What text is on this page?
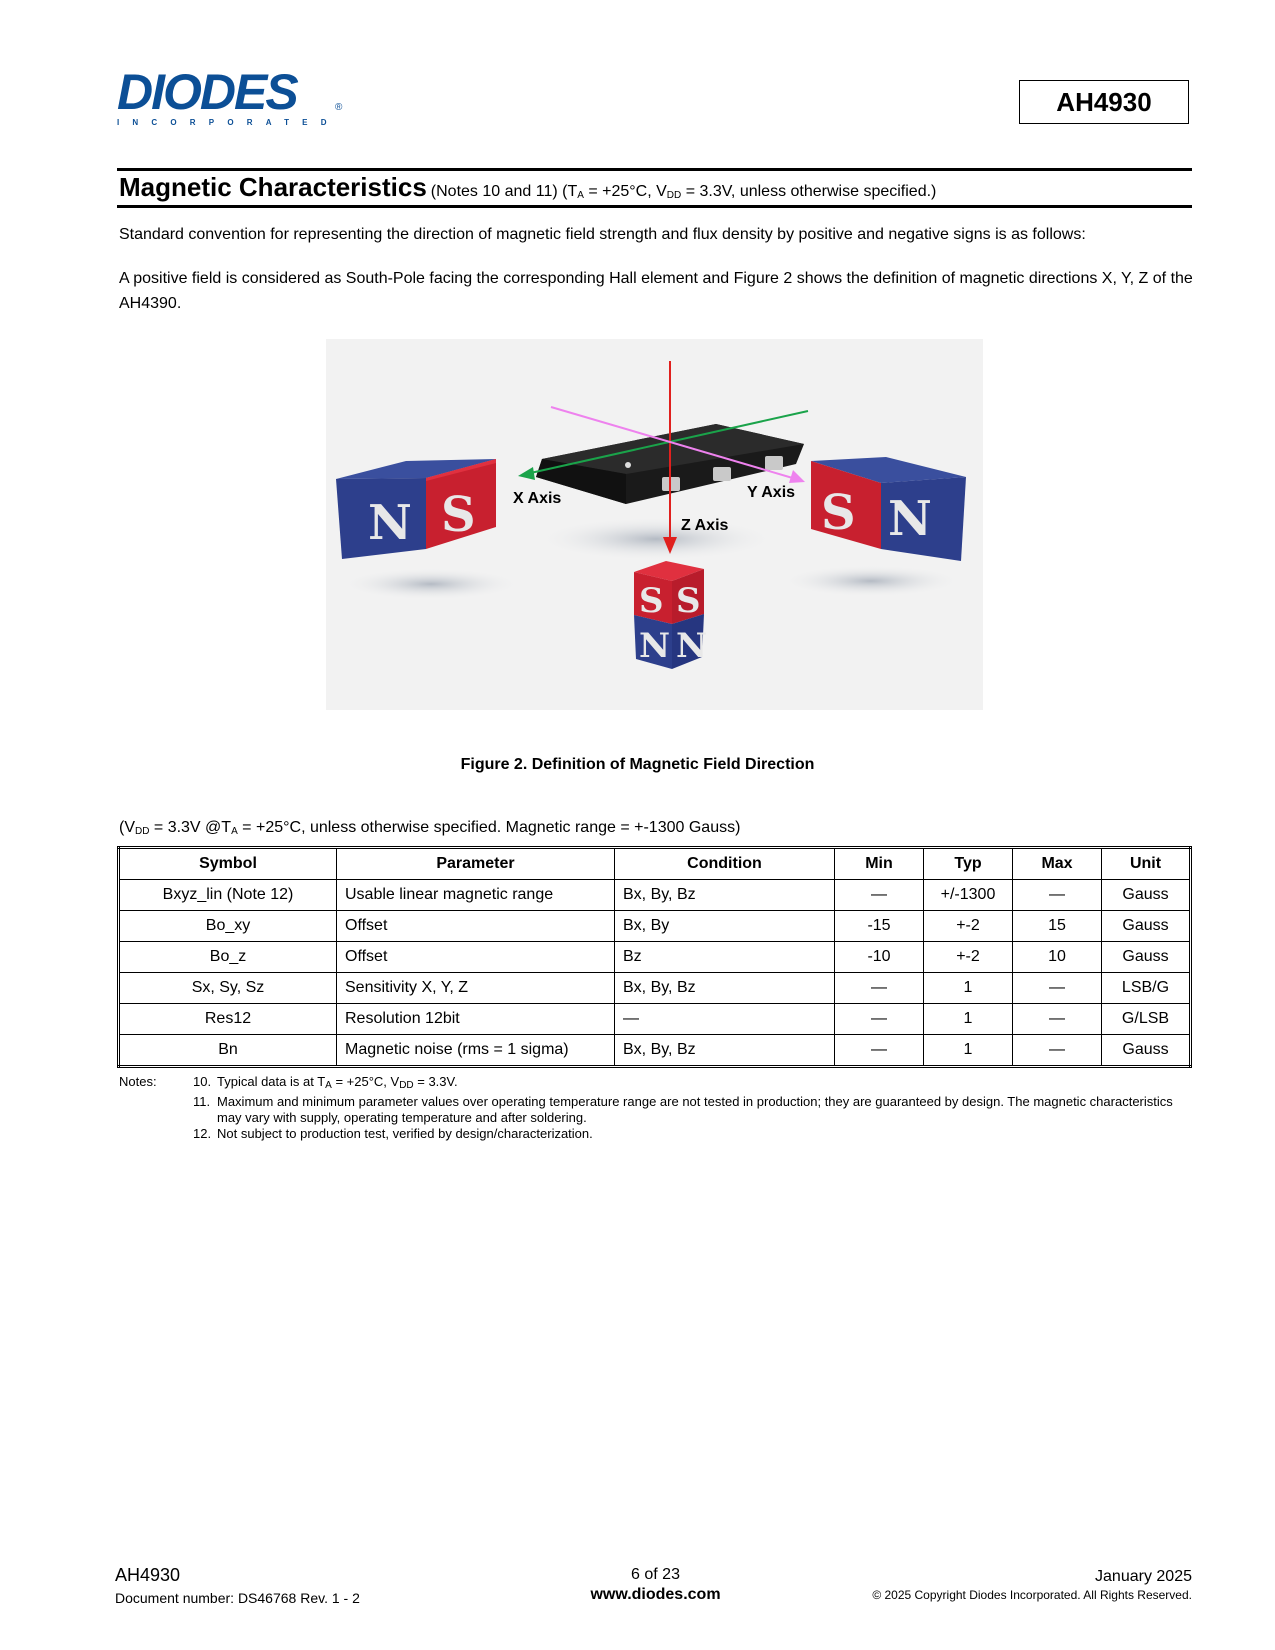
DIODES	®
INCORPORATED
AH4930
Magnetic Characteristics (Notes 10 and 11) ($T_A = +25^\circ C$, $V_{DD} = 3.3V$, unless otherwise specified.)
Standard convention for representing the direction of magnetic field strength and flux density by positive and negative signs is as follows:
A positive field is considered as South-Pole facing the corresponding Hall element and Figure 2 shows the definition of magnetic directions X, Y, Z of the AH4390.
X Axis	Y Axis
Z Axis
N S	S N
S S
N N
Figure 2. Definition of Magnetic Field Direction
($V_{DD} = 3.3V$ $@T_A = +25^\circ C$, unless otherwise specified. Magnetic range = +-1300 Gauss)
Symbol	Parameter	Condition	Min	Typ	Max	Unit
Bxyz_lin (Note 12)	Usable linear magnetic range	Bx, By, Bz	—	+/-1300	—	Gauss
Bo_xy	Offset	Bx, By	-15	+-2	15	Gauss
Bo_z	Offset	Bz	-10	+-2	10	Gauss
Sx, Sy, Sz	Sensitivity X, Y, Z	Bx, By, Bz	—	1	—	LSB/G
Res12	Resolution 12bit	—	—	1	—	G/LSB
Bn	Magnetic noise (rms = 1 sigma)	Bx, By, Bz	—	1	—	Gauss
Notes:	10. Typical data is at $T_A = +25^\circ C$, $V_{DD} = 3.3V$.
11. Maximum and minimum parameter values over operating temperature range are not tested in production; they are guaranteed by design. The magnetic characteristics may vary with supply, operating temperature and after soldering.
12. Not subject to production test, verified by design/characterization.
AH4930
Document number: DS46768 Rev. 1 - 2
6 of 23
www.diodes.com
January 2025
© 2025 Copyright Diodes Incorporated. All Rights Reserved.
